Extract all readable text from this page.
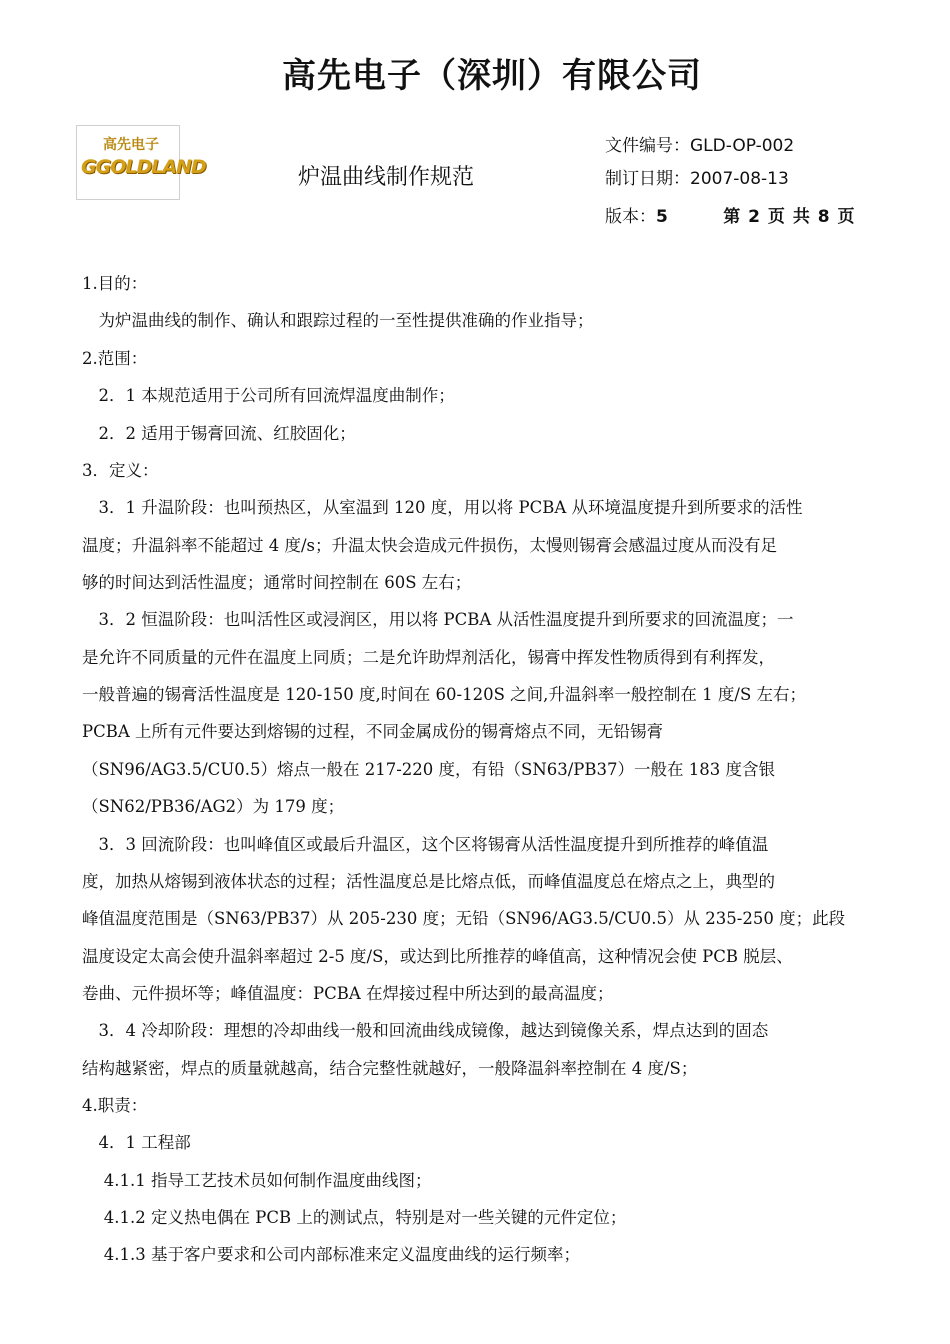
高先电子（深圳）有限公司
高先电子
GGOLDLAND	炉温曲线制作规范
文件编号：GLD-OP-002
制订日期：2007-08-13
版本：5	第 2 页 共 8 页
1.目的：
　为炉温曲线的制作、确认和跟踪过程的一至性提供准确的作业指导；
2.范围：
　2．1 本规范适用于公司所有回流焊温度曲制作；
　2．2 适用于锡膏回流、红胶固化；
3．定义：
　3．1 升温阶段：也叫预热区，从室温到 120 度，用以将 PCBA 从环境温度提升到所要求的活性
温度；升温斜率不能超过 4 度/s；升温太快会造成元件损伤，太慢则锡膏会感温过度从而没有足
够的时间达到活性温度；通常时间控制在 60S 左右；
　3．2 恒温阶段：也叫活性区或浸润区，用以将 PCBA 从活性温度提升到所要求的回流温度；一
是允许不同质量的元件在温度上同质；二是允许助焊剂活化，锡膏中挥发性物质得到有利挥发，
一般普遍的锡膏活性温度是 120-150 度,时间在 60-120S 之间,升温斜率一般控制在 1 度/S 左右；
PCBA 上所有元件要达到熔锡的过程，不同金属成份的锡膏熔点不同，无铅锡膏
（SN96/AG3.5/CU0.5）熔点一般在 217-220 度，有铅（SN63/PB37）一般在 183 度含银
（SN62/PB36/AG2）为 179 度；
　3．3 回流阶段：也叫峰值区或最后升温区，这个区将锡膏从活性温度提升到所推荐的峰值温
度，加热从熔锡到液体状态的过程；活性温度总是比熔点低，而峰值温度总在熔点之上，典型的
峰值温度范围是（SN63/PB37）从 205-230 度；无铅（SN96/AG3.5/CU0.5）从 235-250 度；此段
温度设定太高会使升温斜率超过 2-5 度/S，或达到比所推荐的峰值高，这种情况会使 PCB 脱层、
卷曲、元件损坏等；峰值温度：PCBA 在焊接过程中所达到的最高温度；
　3．4 冷却阶段：理想的冷却曲线一般和回流曲线成镜像，越达到镜像关系，焊点达到的固态
结构越紧密，焊点的质量就越高，结合完整性就越好，一般降温斜率控制在 4 度/S；
4.职责：
　4．1 工程部
　 4.1.1 指导工艺技术员如何制作温度曲线图；
　 4.1.2 定义热电偶在 PCB 上的测试点，特别是对一些关键的元件定位；
　 4.1.3 基于客户要求和公司内部标准来定义温度曲线的运行频率；
